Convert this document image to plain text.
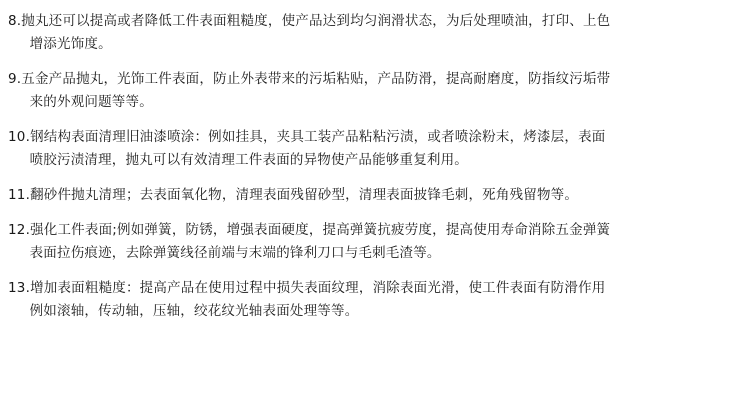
8.抛丸还可以提高或者降低工件表面粗糙度，使产品达到均匀润滑状态，为后处理喷油，打印、上色
增添光饰度。

9.五金产品抛丸，光饰工件表面，防止外表带来的污垢粘贴，产品防滑，提高耐磨度，防指纹污垢带
来的外观问题等等。

10.钢结构表面清理旧油漆喷涂：例如挂具，夹具工装产品粘粘污渍，或者喷涂粉末，烤漆层，表面
喷胶污渍清理，抛丸可以有效清理工件表面的异物使产品能够重复利用。

11.翻砂件抛丸清理；去表面氧化物，清理表面残留砂型，清理表面披锋毛刺，死角残留物等。

12.强化工件表面;例如弹簧，防锈，增强表面硬度，提高弹簧抗疲劳度，提高使用寿命消除五金弹簧
表面拉伤痕迹，去除弹簧线径前端与末端的锋利刀口与毛刺毛渣等。

13.增加表面粗糙度：提高产品在使用过程中损失表面纹理，消除表面光滑，使工件表面有防滑作用
例如滚轴，传动轴，压轴，绞花纹光轴表面处理等等。
